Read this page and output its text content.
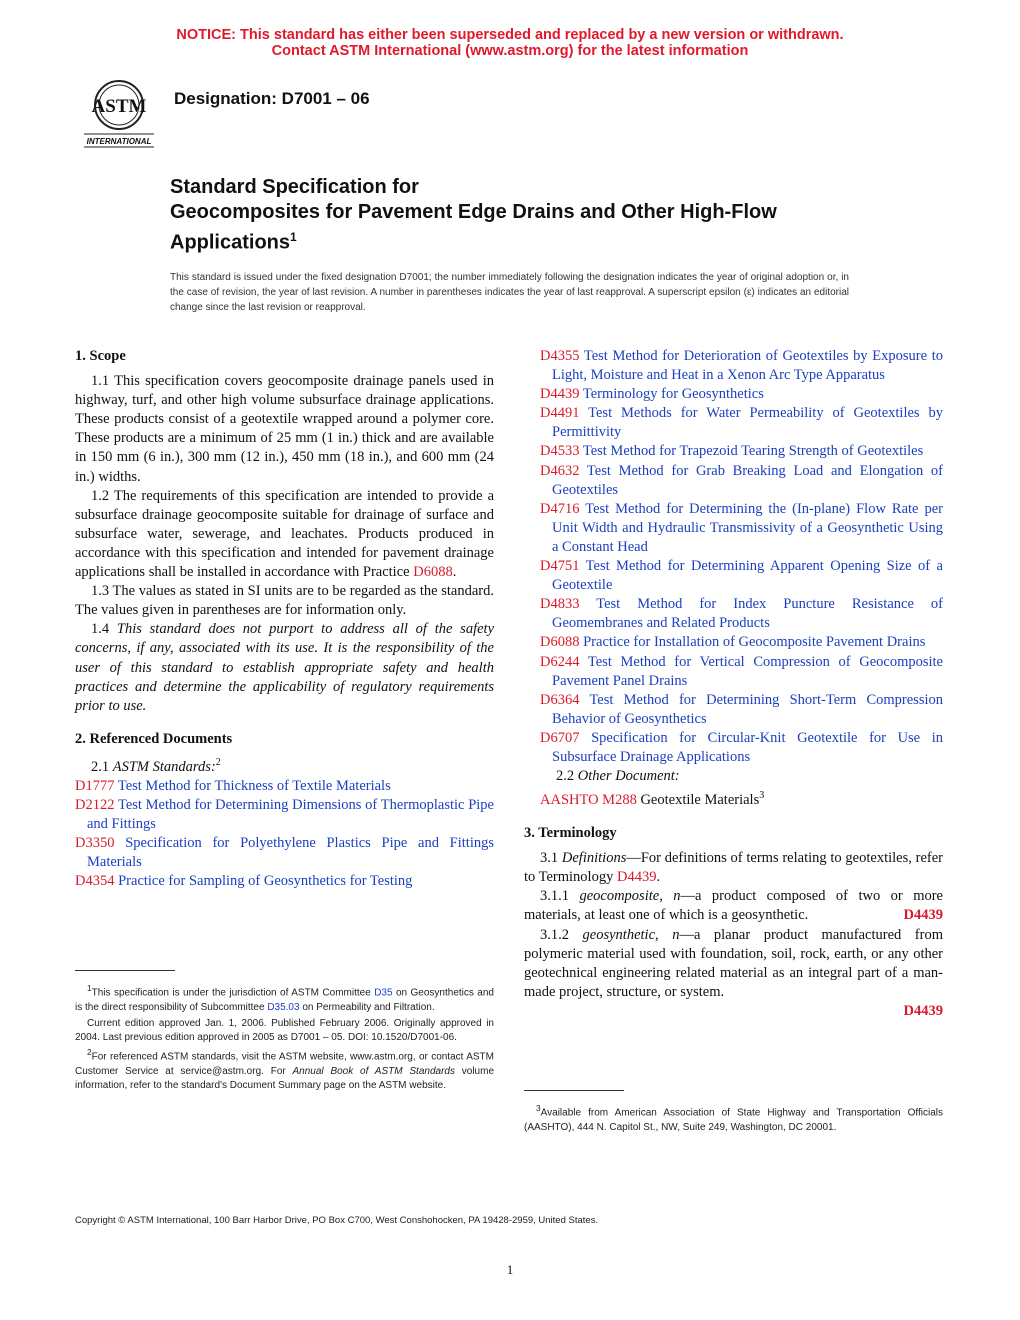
NOTICE: This standard has either been superseded and replaced by a new version or withdrawn.
Contact ASTM International (www.astm.org) for the latest information
ASTM
INTERNATIONAL
Designation: D7001 – 06
Standard Specification for
Geocomposites for Pavement Edge Drains and Other High-Flow Applications$^1$
This standard is issued under the fixed designation D7001; the number immediately following the designation indicates the year of original adoption or, in the case of revision, the year of last revision. A number in parentheses indicates the year of last reapproval. A superscript epsilon (ε) indicates an editorial change since the last revision or reapproval.

1. Scope

1.1 This specification covers geocomposite drainage panels used in highway, turf, and other high volume subsurface drainage applications. These products consist of a geotextile wrapped around a polymer core. These products are a minimum of 25 mm (1 in.) thick and are available in 150 mm (6 in.), 300 mm (12 in.), 450 mm (18 in.), and 600 mm (24 in.) widths.

1.2 The requirements of this specification are intended to provide a subsurface drainage geocomposite suitable for drainage of surface and subsurface water, sewerage, and leachates. Products produced in accordance with this specification and intended for pavement drainage applications shall be installed in accordance with Practice D6088.

1.3 The values as stated in SI units are to be regarded as the standard. The values given in parentheses are for information only.

1.4 This standard does not purport to address all of the safety concerns, if any, associated with its use. It is the responsibility of the user of this standard to establish appropriate safety and health practices and determine the applicability of regulatory requirements prior to use.

2. Referenced Documents

2.1 ASTM Standards:$^2$

D1777 Test Method for Thickness of Textile Materials

D2122 Test Method for Determining Dimensions of Thermoplastic Pipe and Fittings

D3350 Specification for Polyethylene Plastics Pipe and Fittings Materials

D4354 Practice for Sampling of Geosynthetics for Testing

$^1$This specification is under the jurisdiction of ASTM Committee D35 on Geosynthetics and is the direct responsibility of Subcommittee D35.03 on Permeability and Filtration.

Current edition approved Jan. 1, 2006. Published February 2006. Originally approved in 2004. Last previous edition approved in 2005 as D7001 – 05. DOI: 10.1520/D7001-06.

$^2$For referenced ASTM standards, visit the ASTM website, www.astm.org, or contact ASTM Customer Service at service@astm.org. For Annual Book of ASTM Standards volume information, refer to the standard's Document Summary page on the ASTM website.

D4355 Test Method for Deterioration of Geotextiles by Exposure to Light, Moisture and Heat in a Xenon Arc Type Apparatus

D4439 Terminology for Geosynthetics

D4491 Test Methods for Water Permeability of Geotextiles by Permittivity

D4533 Test Method for Trapezoid Tearing Strength of Geotextiles

D4632 Test Method for Grab Breaking Load and Elongation of Geotextiles

D4716 Test Method for Determining the (In-plane) Flow Rate per Unit Width and Hydraulic Transmissivity of a Geosynthetic Using a Constant Head

D4751 Test Method for Determining Apparent Opening Size of a Geotextile

D4833 Test Method for Index Puncture Resistance of Geomembranes and Related Products

D6088 Practice for Installation of Geocomposite Pavement Drains

D6244 Test Method for Vertical Compression of Geocomposite Pavement Panel Drains

D6364 Test Method for Determining Short-Term Compression Behavior of Geosynthetics

D6707 Specification for Circular-Knit Geotextile for Use in Subsurface Drainage Applications

2.2 Other Document:

AASHTO M288 Geotextile Materials$^3$

3. Terminology

3.1 Definitions—For definitions of terms relating to geotextiles, refer to Terminology D4439.

3.1.1 geocomposite, n—a product composed of two or more materials, at least one of which is a geosynthetic.	D4439

3.1.2 geosynthetic, n—a planar product manufactured from polymeric material used with foundation, soil, rock, earth, or any other geotechnical engineering related material as an integral part of a man-made project, structure, or system.

D4439

$^3$Available from American Association of State Highway and Transportation Officials (AASHTO), 444 N. Capitol St., NW, Suite 249, Washington, DC 20001.

Copyright © ASTM International, 100 Barr Harbor Drive, PO Box C700, West Conshohocken, PA 19428-2959, United States.
1
